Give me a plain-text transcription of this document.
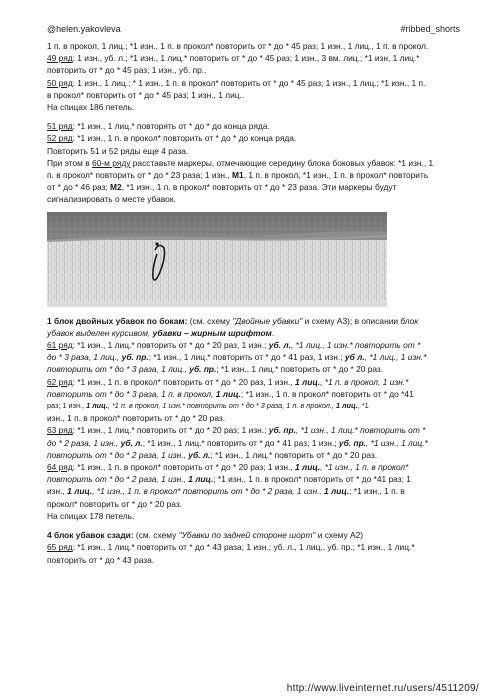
@helen.yakovleva	#ribbed_shorts

1 п. в прокол, 1 лиц.; *1 изн., 1 п. в прокол* повторить от * до * 45 раз; 1 изн., 1 лиц., 1 п. в прокол.

49 ряд: 1 изн., уб. л.; *1 изн., 1 лиц.* повторить от * до * 45 раз; 1 изн., 3 вм. лиц.; *1 изн, 1 лиц.*

повторить от * до * 45 раз; 1 изн., уб. пр..

50 ряд: 1 изн., 1 лиц.; * 1 изн., 1 п. в прокол* повторить от * до * 45 раз; 1 изн., 1 лиц.; *1 изн., 1 п.

в прокол* повторить от * до * 45 раз; 1 изн., 1 лиц..

На спицах 186 петель.

51 ряд: *1 изн., 1 лиц.* повторять от * до * до конца ряда.

52 ряд: *1 изн., 1 п. в прокол* повторить от * до * до конца ряда.

Повторить 51 и 52 ряды еще 4 раза.

При этом в 60-м ряду расставьте маркеры, отмечающие середину блока боковых убавок: *1 изн., 1

п. в прокол* повторить от * до * 23 раза; 1 изн., M1, 1 п. в прокол, *1 изн., 1 п. в прокол* повторить

от * до * 46 раз; M2, *1 изн., 1 п. в прокол* повторить от * до * 23 раза. Эти маркеры будут

сигнализировать о месте убавок.

1 блок двойных убавок по бокам: (см. схему "Двойные убавки" и схему А3); в описании блок

убавок выделен курсивом, убавки – жирным шрифтом.

61 ряд: *1 изн., 1 лиц.* повторить от * до * 20 раз, 1 изн.; уб. л., *1 лиц., 1 изн.* повторить от *

до * 3 раза, 1 лиц., уб. пр.; *1 изн., 1 лиц.* повторить от * до * 41 раз, 1 изн.; уб л., *1 лиц., 1 изн.*

повторить от * до * 3 раза, 1 лиц., уб. пр.; *1 изн., 1 лиц.* повторить от * до * 20 раз.

62 ряд: *1 изн., 1 п. в прокол* повторить от * до * 20 раз, 1 изн., 1 лиц., *1 п. в прокол, 1 изн.*

повторить от * до * 3 раза, 1 п. в прокол, 1 лиц.; *1 изн., 1 п. в прокол* повторить от * до *41

раз; 1 изн., 1 лиц., *1 п. в прокол, 1 изн.* повторить от * до * 3 раза, 1 п. в прокол., 1 лиц., *1

изн., 1 п. в прокол* повторить от * до * 20 раз.

63 ряд: *1 изн., 1 лиц.* повторить от * до * 20 раз; 1 изн.; уб. пр., *1 изн., 1 лиц.* повторить от *

до * 2 раза, 1 изн., уб. л.; *1 изн., 1 лиц.* повторить от * до * 41 раз; 1 изн.; уб. пр., *1 изн., 1 лиц.*

повторить от * до * 2 раза, 1 изн., уб. л.; *1 изн., 1 лиц.* повторить от * до * 20 раз.

64 ряд: *1 изн., 1 п. в прокол* повторить от * до * 20 раз; 1 изн., 1 лиц., *1 изн., 1 п. в прокол*

повторить от * до * 2 раза, 1 изн., 1 лиц.; *1 изн., 1 п. в прокол* повторить от * до *41 раз; 1

изн., 1 лиц., *1 изн., 1 п. в прокол* повторить от * до * 2 раза, 1 изн., 1 лиц.; *1 изн., 1 п. в

прокол* повторить от * до * 20 раз.

На спицах 178 петель.

4 блок убавок сзади: (см. схему "Убавки по задней стороне шорт" и схему А2)

65 ряд: *1 изн., 1 лиц.* повторить от * до * 43 раза; 1 изн.; уб. л., 1 лиц., уб. пр.; *1 изн., 1 лиц.*

повторить от * до * 43 раза.

http://www.liveinternet.ru/users/4511209/
